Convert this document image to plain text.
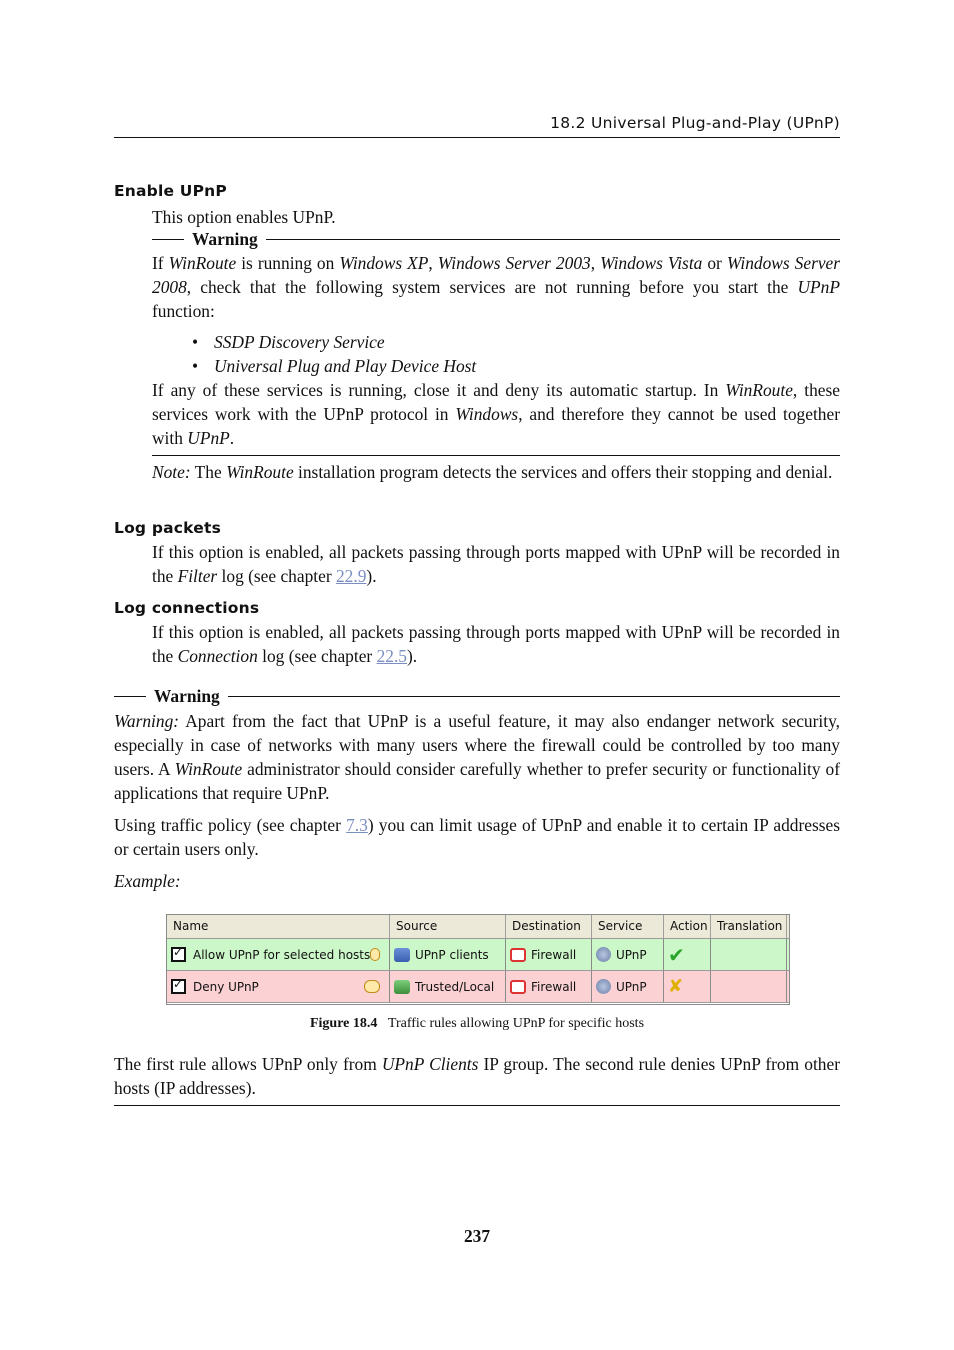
18.2 Universal Plug-and-Play (UPnP)
Enable UPnP
This option enables UPnP.
Warning
If WinRoute is running on Windows XP, Windows Server 2003, Windows Vista or Windows Server 2008, check that the following system services are not running before you start the UPnP function:
• SSDP Discovery Service
• Universal Plug and Play Device Host
If any of these services is running, close it and deny its automatic startup. In WinRoute, these services work with the UPnP protocol in Windows, and therefore they cannot be used together with UPnP.
Note: The WinRoute installation program detects the services and offers their stopping and denial.
Log packets
If this option is enabled, all packets passing through ports mapped with UPnP will be recorded in the Filter log (see chapter 22.9).
Log connections
If this option is enabled, all packets passing through ports mapped with UPnP will be recorded in the Connection log (see chapter 22.5).
Warning
Warning: Apart from the fact that UPnP is a useful feature, it may also endanger network security, especially in case of networks with many users where the firewall could be controlled by too many users. A WinRoute administrator should consider carefully whether to prefer security or functionality of applications that require UPnP.
Using traffic policy (see chapter 7.3) you can limit usage of UPnP and enable it to certain IP addresses or certain users only.
Example:
Name	Source	Destination	Service	Action Translation
✓
Allow UPnP for selected hosts	UPnP clients	Firewall	UPnP ✔
✓
Deny UPnP	Trusted/Local	Firewall	UPnP ✘
Figure 18.4 Traffic rules allowing UPnP for specific hosts
The first rule allows UPnP only from UPnP Clients IP group. The second rule denies UPnP from other hosts (IP addresses).
237
